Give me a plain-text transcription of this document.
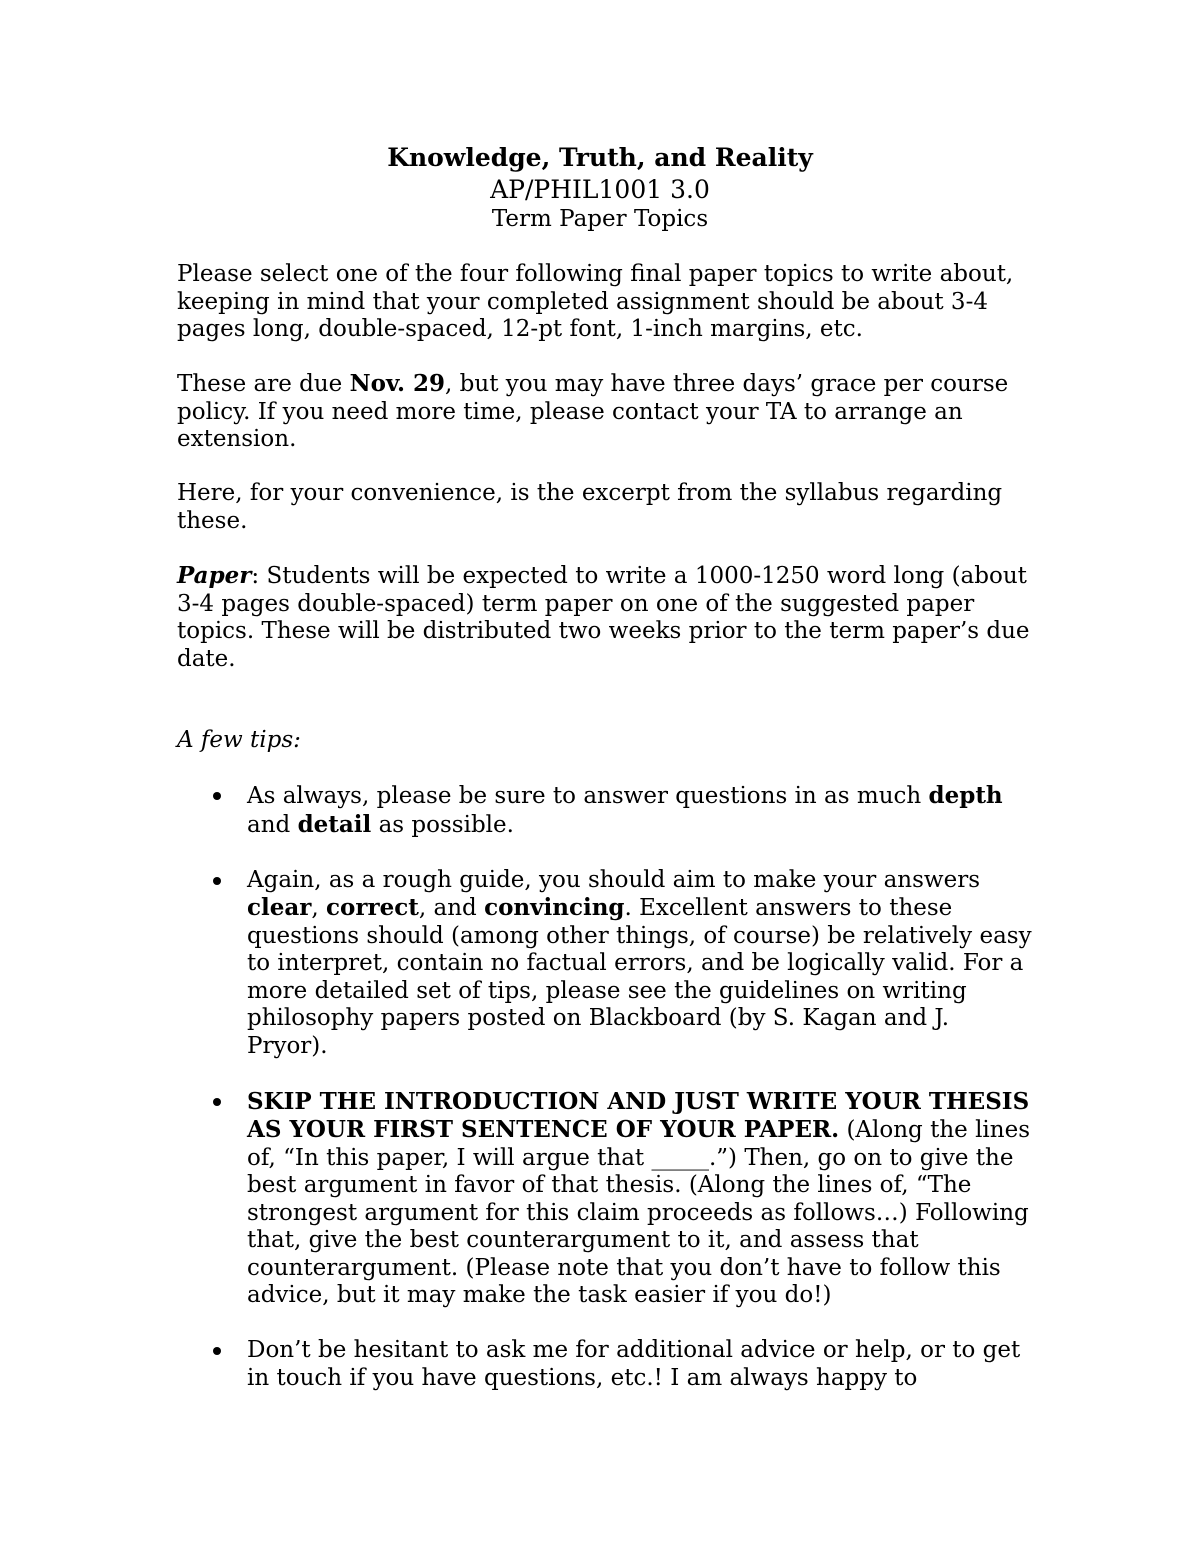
Knowledge, Truth, and Reality
AP/PHIL1001 3.0
Term Paper Topics

Please select one of the four following final paper topics to write about, keeping in mind that your completed assignment should be about 3-4 pages long, double-spaced, 12-pt font, 1-inch margins, etc.

These are due Nov. 29, but you may have three days’ grace per course policy. If you need more time, please contact your TA to arrange an extension.

Here, for your convenience, is the excerpt from the syllabus regarding these.

Paper: Students will be expected to write a 1000-1250 word long (about 3-4 pages double-spaced) term paper on one of the suggested paper topics. These will be distributed two weeks prior to the term paper’s due date.

A few tips:

As always, please be sure to answer questions in as much depth and detail as possible.
Again, as a rough guide, you should aim to make your answers clear, correct, and convincing. Excellent answers to these questions should (among other things, of course) be relatively easy to interpret, contain no factual errors, and be logically valid. For a more detailed set of tips, please see the guidelines on writing philosophy papers posted on Blackboard (by S. Kagan and J. Pryor).
SKIP THE INTRODUCTION AND JUST WRITE YOUR THESIS AS YOUR FIRST SENTENCE OF YOUR PAPER. (Along the lines of, “In this paper, I will argue that _____.”) Then, go on to give the best argument in favor of that thesis. (Along the lines of, “The strongest argument for this claim proceeds as follows…) Following that, give the best counterargument to it, and assess that counterargument. (Please note that you don’t have to follow this advice, but it may make the task easier if you do!)
Don’t be hesitant to ask me for additional advice or help, or to get in touch if you have questions, etc.! I am always happy to
